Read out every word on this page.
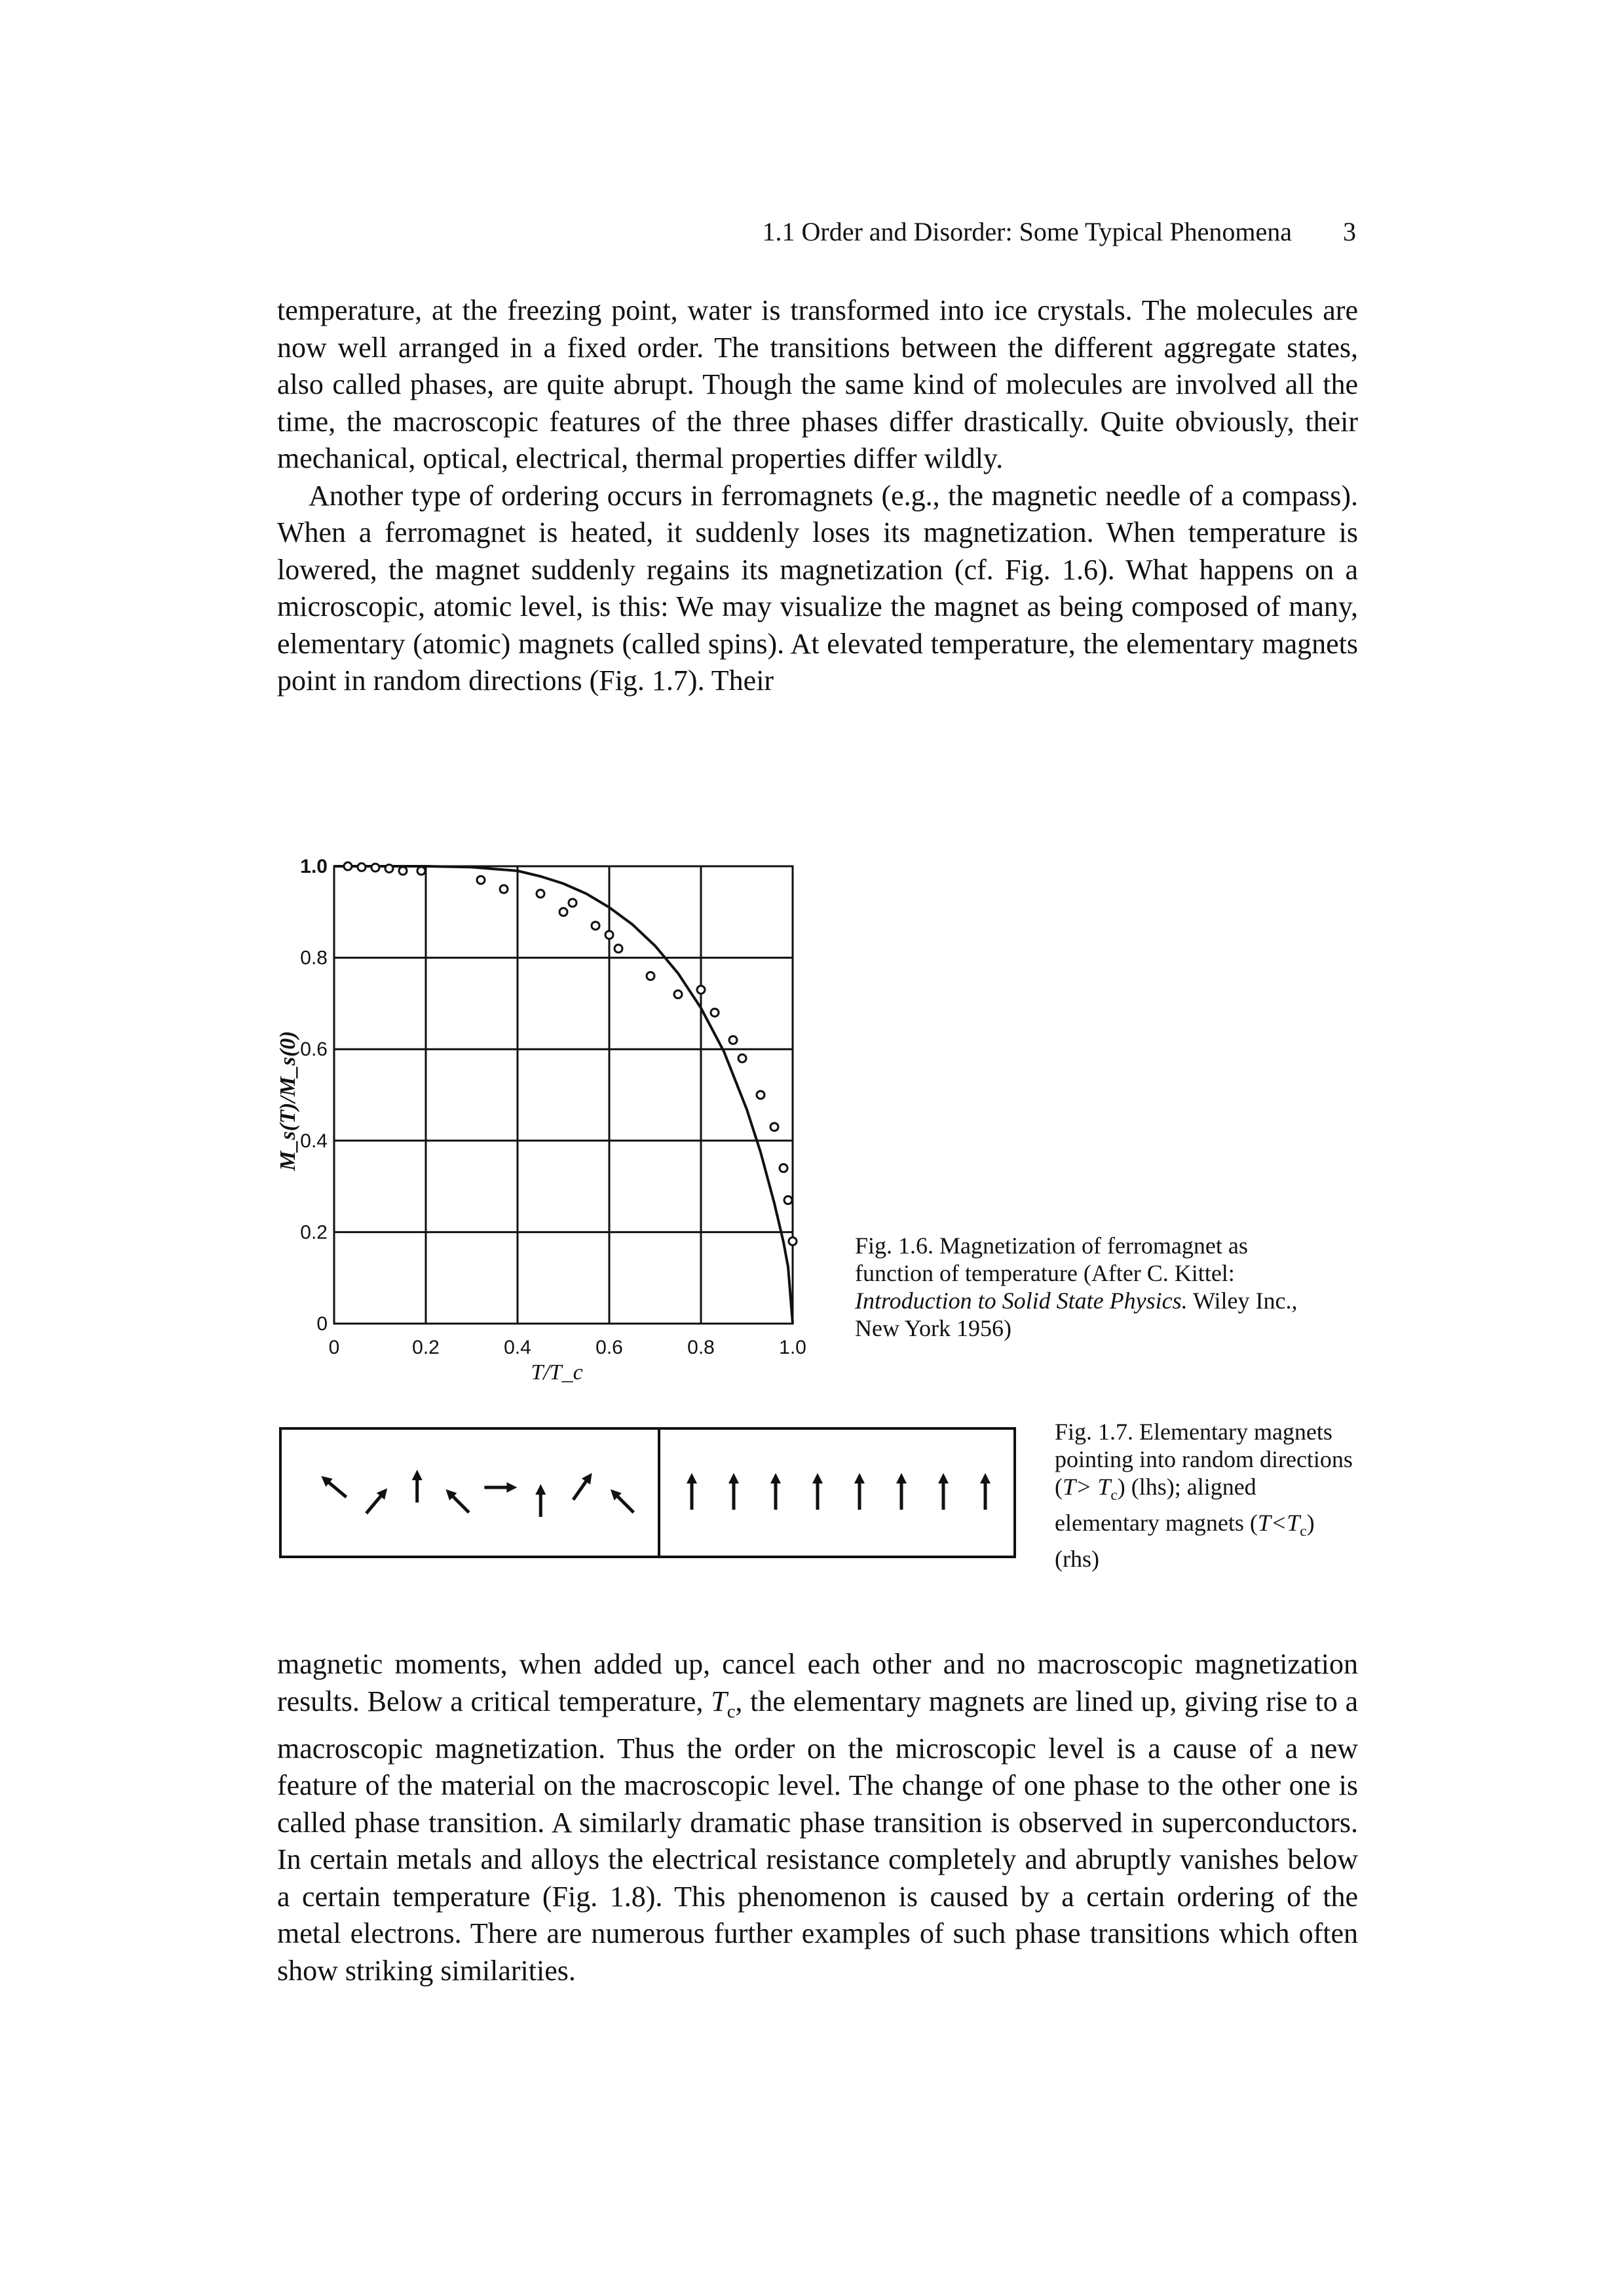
1.1 Order and Disorder: Some Typical Phenomena 3

temperature, at the freezing point, water is transformed into ice crystals. The molecules are now well arranged in a fixed order. The transitions between the different aggregate states, also called phases, are quite abrupt. Though the same kind of molecules are involved all the time, the macroscopic features of the three phases differ drastically. Quite obviously, their mechanical, optical, electrical, thermal properties differ wildly.

Another type of ordering occurs in ferromagnets (e.g., the magnetic needle of a compass). When a ferromagnet is heated, it suddenly loses its magnetization. When temperature is lowered, the magnet suddenly regains its magnetization (cf. Fig. 1.6). What happens on a microscopic, atomic level, is this: We may visualize the magnet as being composed of many, elementary (atomic) magnets (called spins). At elevated temperature, the elementary magnets point in random directions (Fig. 1.7). Their

0
0.2
0.4
0.6
0.8
1.0
0	0.2	0.4	0.6	0.8	1.0
M_s(T)/M_s(0)
T/T_c

Fig. 1.6. Magnetization of ferromagnet as function of temperature (After C. Kittel: Introduction to Solid State Physics. Wiley Inc., New York 1956)

Fig. 1.7. Elementary magnets pointing into random directions $(T> T_c)$ (lhs); aligned elementary magnets $(T<T_c)$ (rhs)

magnetic moments, when added up, cancel each other and no macroscopic magnetization results. Below a critical temperature, $T_c$, the elementary magnets are lined up, giving rise to a macroscopic magnetization. Thus the order on the microscopic level is a cause of a new feature of the material on the macroscopic level. The change of one phase to the other one is called phase transition. A similarly dramatic phase transition is observed in superconductors. In certain metals and alloys the electrical resistance completely and abruptly vanishes below a certain temperature (Fig. 1.8). This phenomenon is caused by a certain ordering of the metal electrons. There are numerous further examples of such phase transitions which often show striking similarities.
